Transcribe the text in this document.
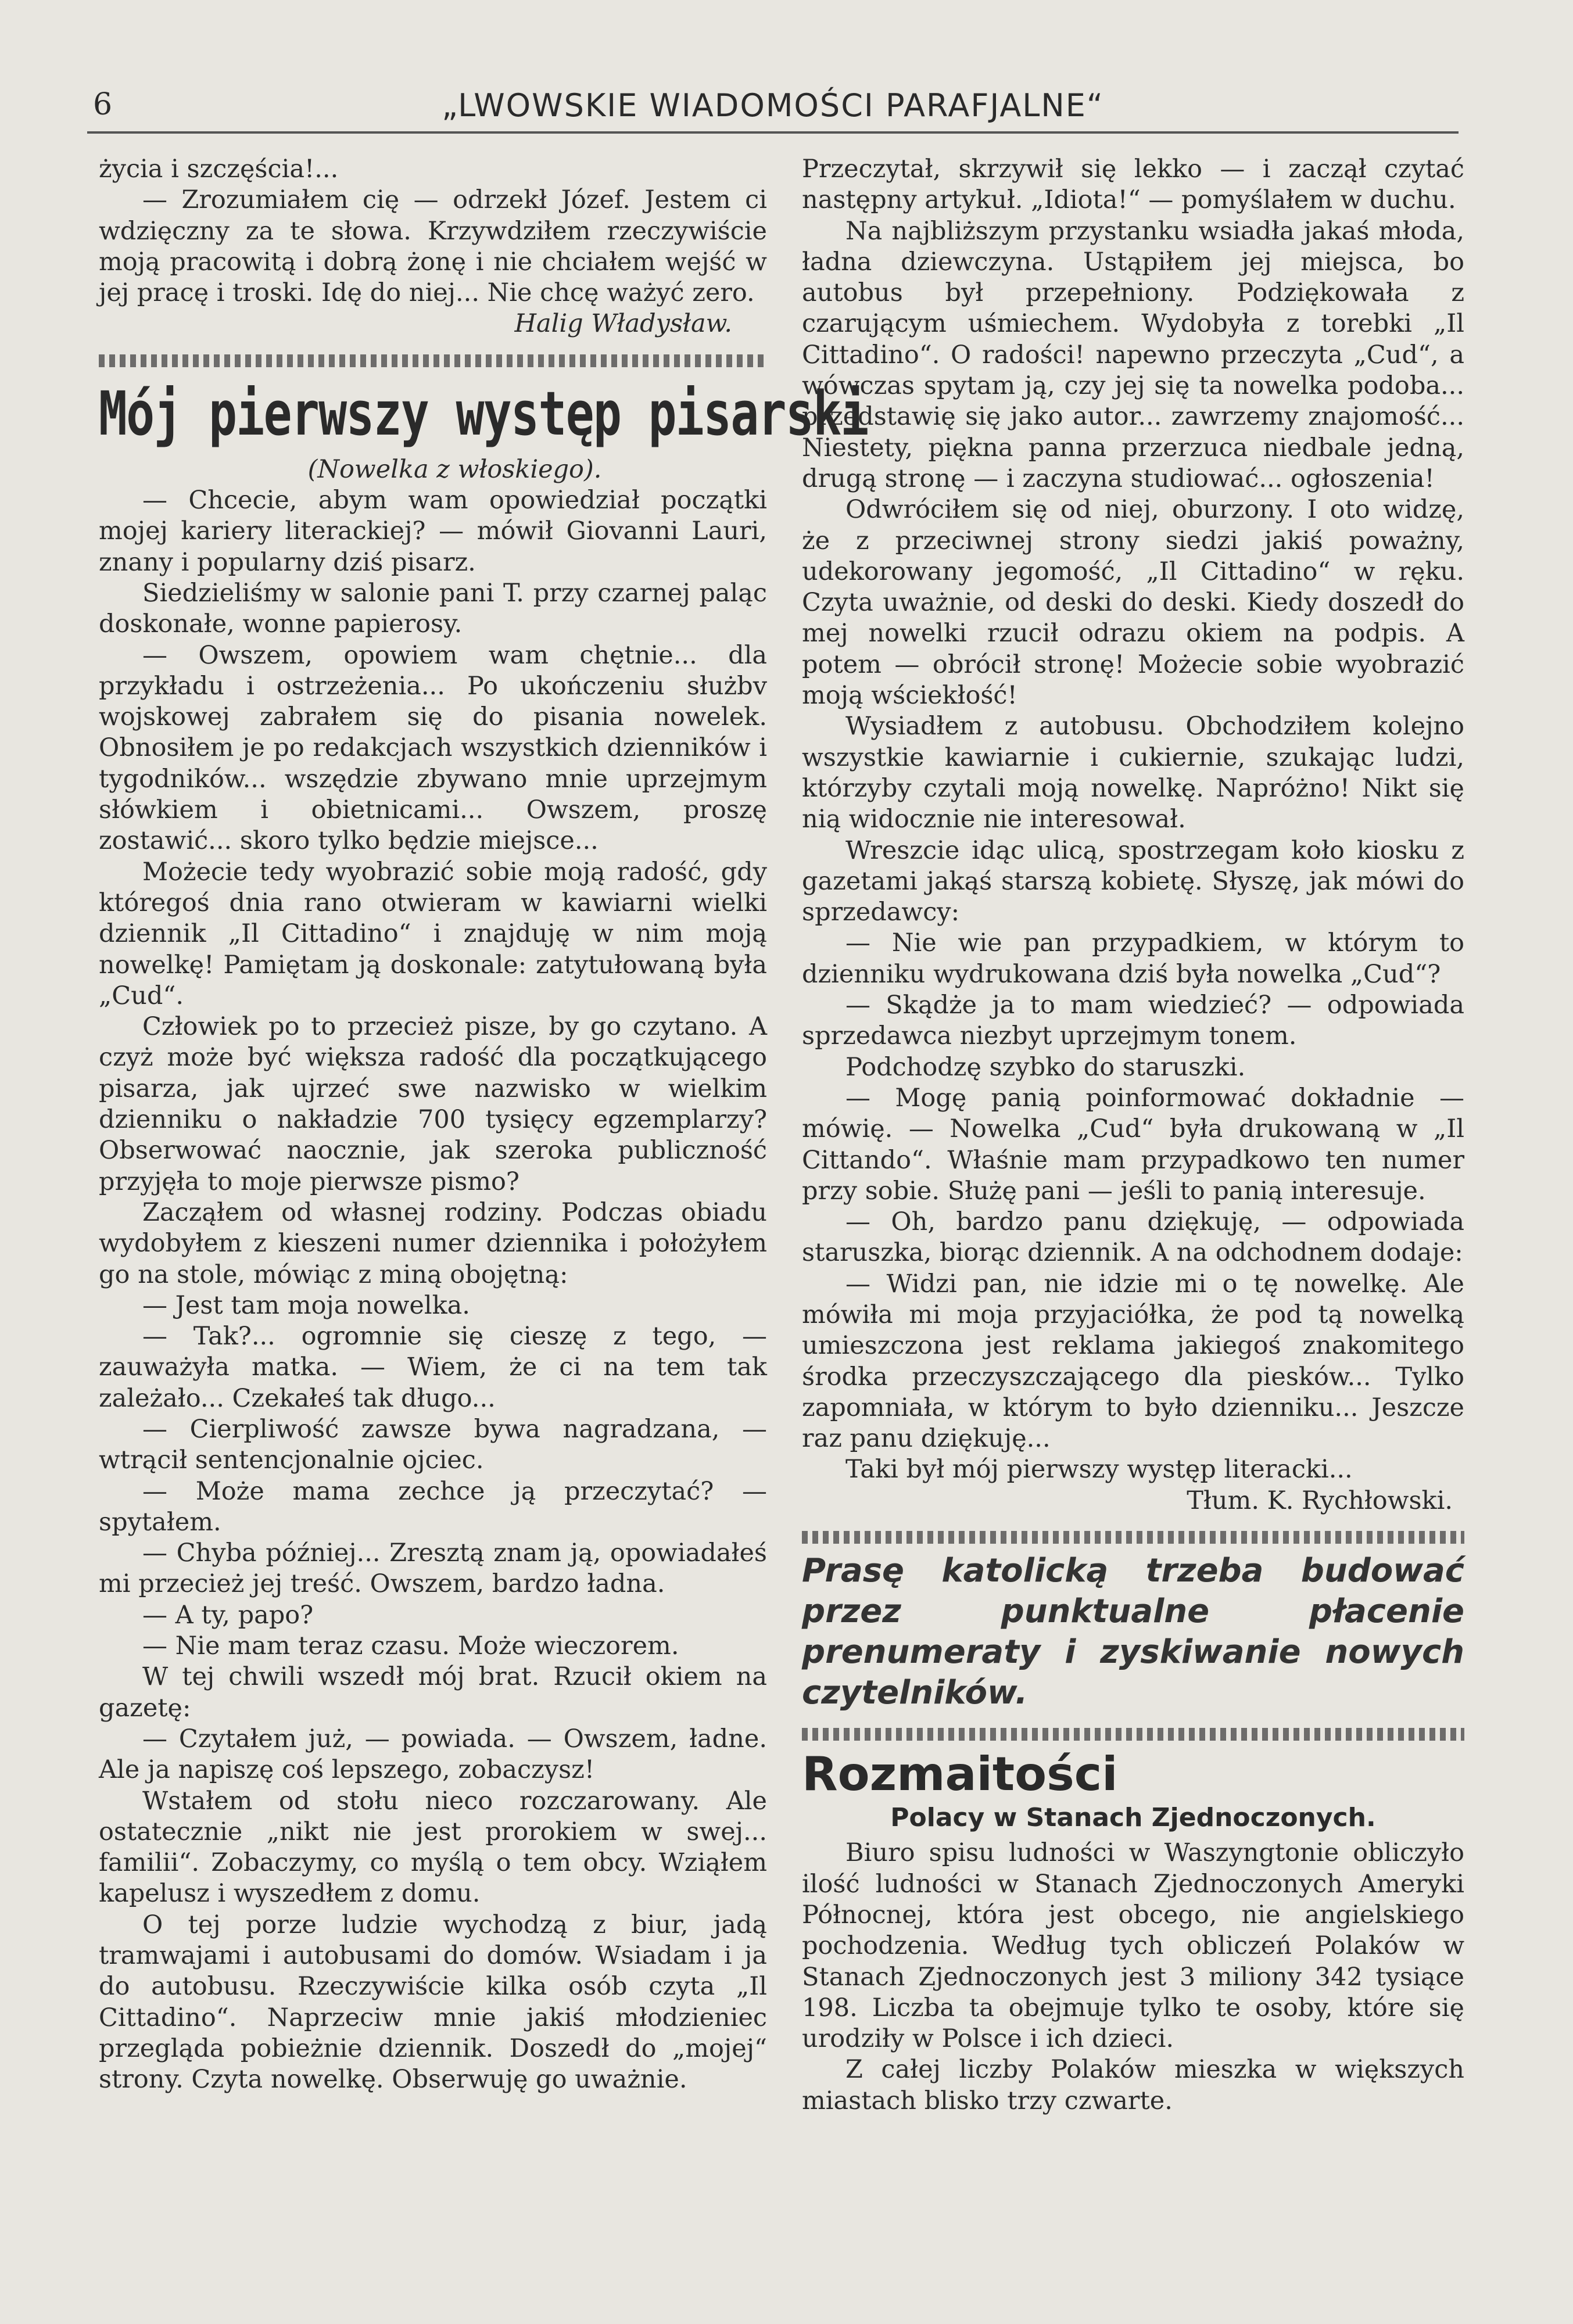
6	„LWOWSKIE WIADOMOŚCI PARAFJALNE“

życia i szczęścia!...

— Zrozumiałem cię — odrzekł Józef. Jestem ci wdzięczny za te słowa. Krzywdziłem rzeczywiście moją pracowitą i dobrą żonę i nie chciałem wejść w jej pracę i troski. Idę do niej... Nie chcę ważyć zero.

Halig Władysław.

Mój pierwszy występ pisarski

(Nowelka z włoskiego).

— Chcecie, abym wam opowiedział początki mojej kariery literackiej? — mówił Giovanni Lauri, znany i popularny dziś pisarz.

Siedzieliśmy w salonie pani T. przy czarnej paląc doskonałe, wonne papierosy.

— Owszem, opowiem wam chętnie... dla przykładu i ostrzeżenia... Po ukończeniu służbv wojskowej zabrałem się do pisania nowelek. Obnosiłem je po redakcjach wszystkich dzienników i tygodników... wszędzie zbywano mnie uprzejmym słówkiem i obietnicami... Owszem, proszę zostawić... skoro tylko będzie miejsce...

Możecie tedy wyobrazić sobie moją radość, gdy któregoś dnia rano otwieram w kawiarni wielki dziennik „Il Cittadino“ i znajduję w nim moją nowelkę! Pamiętam ją doskonale: zatytułowaną była „Cud“.

Człowiek po to przecież pisze, by go czytano. A czyż może być większa radość dla początkującego pisarza, jak ujrzeć swe nazwisko w wielkim dzienniku o nakładzie 700 tysięcy egzemplarzy? Obserwować naocznie, jak szeroka publiczność przyjęła to moje pierwsze pismo?

Zacząłem od własnej rodziny. Podczas obiadu wydobyłem z kieszeni numer dziennika i położyłem go na stole, mówiąc z miną obojętną:

— Jest tam moja nowelka.

— Tak?... ogromnie się cieszę z tego, — zauważyła matka. — Wiem, że ci na tem tak zależało... Czekałeś tak długo...

— Cierpliwość zawsze bywa nagradzana, — wtrącił sentencjonalnie ojciec.

— Może mama zechce ją przeczytać? — spytałem.

— Chyba później... Zresztą znam ją, opowiadałeś mi przecież jej treść. Owszem, bardzo ładna.

— A ty, papo?

— Nie mam teraz czasu. Może wieczorem.

W tej chwili wszedł mój brat. Rzucił okiem na gazetę:

— Czytałem już, — powiada. — Owszem, ładne. Ale ja napiszę coś lepszego, zobaczysz!

Wstałem od stołu nieco rozczarowany. Ale ostatecznie „nikt nie jest prorokiem w swej... familii“. Zobaczymy, co myślą o tem obcy. Wziąłem kapelusz i wyszedłem z domu.

O tej porze ludzie wychodzą z biur, jadą tramwajami i autobusami do domów. Wsiadam i ja do autobusu. Rzeczywiście kilka osób czyta „Il Cittadino“. Naprzeciw mnie jakiś młodzieniec przegląda pobieżnie dziennik. Doszedł do „mojej“ strony. Czyta nowelkę. Obserwuję go uważnie.

Przeczytał, skrzywił się lekko — i zaczął czytać następny artykuł. „Idiota!“ — pomyślałem w duchu.

Na najbliższym przystanku wsiadła jakaś młoda, ładna dziewczyna. Ustąpiłem jej miejsca, bo autobus był przepełniony. Podziękowała z czarującym uśmiechem. Wydobyła z torebki „Il Cittadino“. O radości! napewno przeczyta „Cud“, a wówczas spytam ją, czy jej się ta nowelka podoba... przedstawię się jako autor... zawrzemy znajomość... Niestety, piękna panna przerzuca niedbale jedną, drugą stronę — i zaczyna studiować... ogłoszenia!

Odwróciłem się od niej, oburzony. I oto widzę, że z przeciwnej strony siedzi jakiś poważny, udekorowany jegomość, „Il Cittadino“ w ręku. Czyta uważnie, od deski do deski. Kiedy doszedł do mej nowelki rzucił odrazu okiem na podpis. A potem — obrócił stronę! Możecie sobie wyobrazić moją wściekłość!

Wysiadłem z autobusu. Obchodziłem kolejno wszystkie kawiarnie i cukiernie, szukając ludzi, którzyby czytali moją nowelkę. Napróżno! Nikt się nią widocznie nie interesował.

Wreszcie idąc ulicą, spostrzegam koło kiosku z gazetami jakąś starszą kobietę. Słyszę, jak mówi do sprzedawcy:

— Nie wie pan przypadkiem, w którym to dzienniku wydrukowana dziś była nowelka „Cud“?

— Skądże ja to mam wiedzieć? — odpowiada sprzedawca niezbyt uprzejmym tonem.

Podchodzę szybko do staruszki.

— Mogę panią poinformować dokładnie — mówię. — Nowelka „Cud“ była drukowaną w „Il Cittando“. Właśnie mam przypadkowo ten numer przy sobie. Służę pani — jeśli to panią interesuje.

— Oh, bardzo panu dziękuję, — odpowiada staruszka, biorąc dziennik. A na odchodnem dodaje:

— Widzi pan, nie idzie mi o tę nowelkę. Ale mówiła mi moja przyjaciółka, że pod tą nowelką umieszczona jest reklama jakiegoś znakomitego środka przeczyszczającego dla piesków... Tylko zapomniała, w którym to było dzienniku... Jeszcze raz panu dziękuję...

Taki był mój pierwszy występ literacki...

Tłum. K. Rychłowski.

Prasę katolicką trzeba budować przez punktualne płacenie prenumeraty i zyskiwanie nowych czytelników.
Rozmaitości
Polacy w Stanach Zjednoczonych.

Biuro spisu ludności w Waszyngtonie obliczyło ilość ludności w Stanach Zjednoczonych Ameryki Północnej, która jest obcego, nie angielskiego pochodzenia. Według tych obliczeń Polaków w Stanach Zjednoczonych jest 3 miliony 342 tysiące 198. Liczba ta obejmuje tylko te osoby, które się urodziły w Polsce i ich dzieci.

Z całej liczby Polaków mieszka w większych miastach blisko trzy czwarte.
